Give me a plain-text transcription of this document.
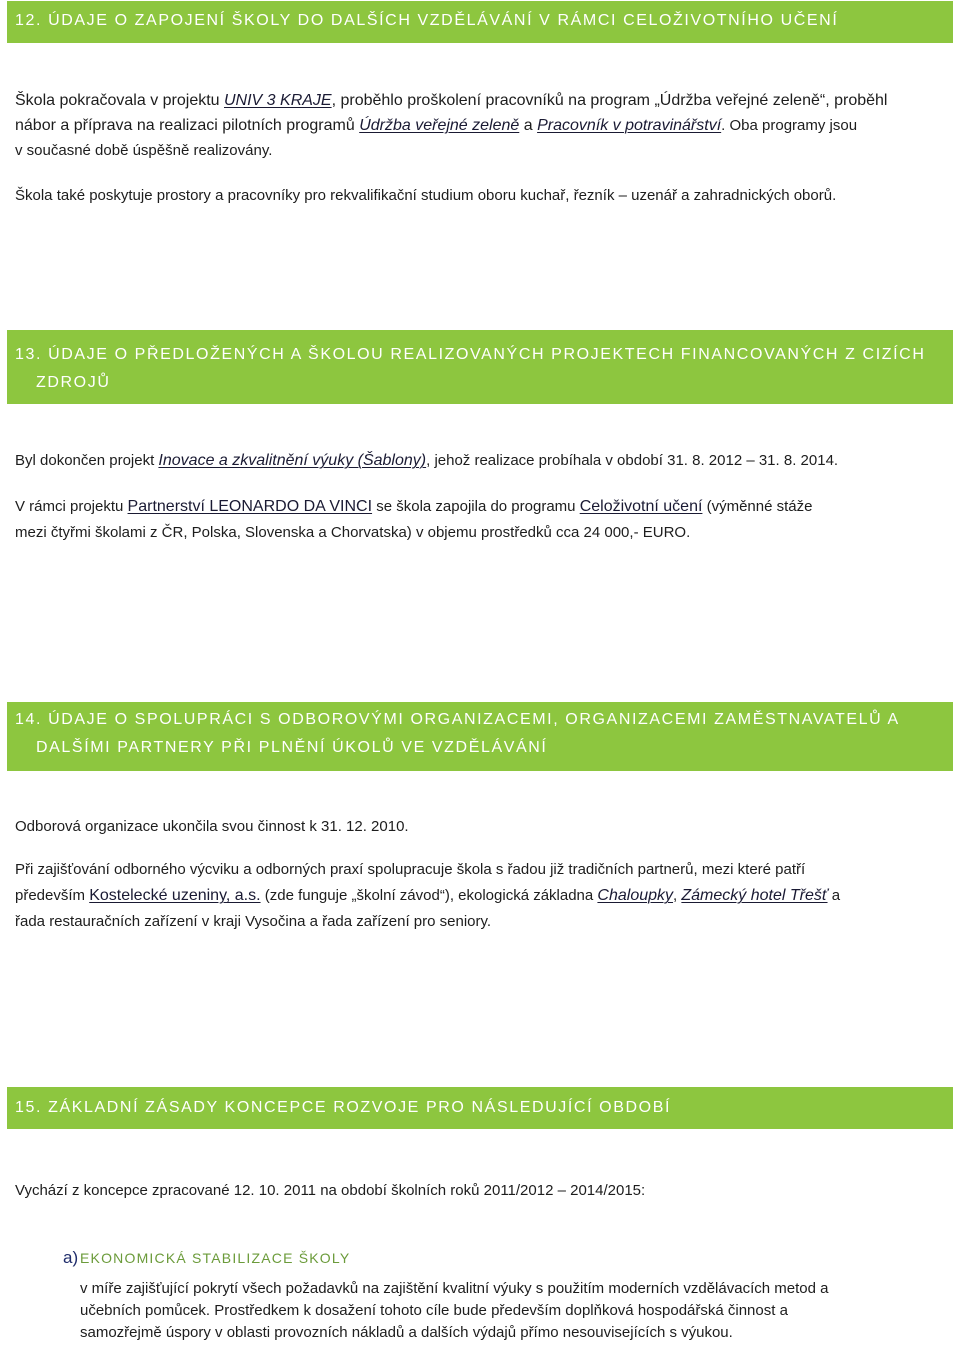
12. ÚDAJE O ZAPOJENÍ ŠKOLY DO DALŠÍCH VZDĚLÁVÁNÍ V RÁMCI CELOŽIVOTNÍHO UČENÍ
Škola pokračovala v projektu UNIV 3 KRAJE, proběhlo proškolení pracovníků na program „Údržba veřejné zeleně“, proběhl
nábor a příprava na realizaci pilotních programů Údržba veřejné zeleně a Pracovník v potravinářství. Oba programy jsou
v současné době úspěšně realizovány.
Škola také poskytuje prostory a pracovníky pro rekvalifikační studium oboru kuchař, řezník – uzenář a zahradnických oborů.
13. ÚDAJE O PŘEDLOŽENÝCH A ŠKOLOU REALIZOVANÝCH PROJEKTECH FINANCOVANÝCH Z CIZÍCH
ZDROJŮ
Byl dokončen projekt Inovace a zkvalitnění výuky (Šablony), jehož realizace probíhala v období 31. 8. 2012 – 31. 8. 2014.
V rámci projektu Partnerství LEONARDO DA VINCI se škola zapojila do programu Celoživotní učení (výměnné stáže
mezi čtyřmi školami z ČR, Polska, Slovenska a Chorvatska) v objemu prostředků cca 24 000,- EURO.
14. ÚDAJE O SPOLUPRÁCI S ODBOROVÝMI ORGANIZACEMI, ORGANIZACEMI ZAMĚSTNAVATELŮ A
DALŠÍMI PARTNERY PŘI PLNĚNÍ ÚKOLŮ VE VZDĚLÁVÁNÍ
Odborová organizace ukončila svou činnost k 31. 12. 2010.
Při zajišťování odborného výcviku a odborných praxí spolupracuje škola s řadou již tradičních partnerů, mezi které patří
především Kostelecké uzeniny, a.s. (zde funguje „školní závod“), ekologická základna Chaloupky, Zámecký hotel Třešť a
řada restauračních zařízení v kraji Vysočina a řada zařízení pro seniory.
15. ZÁKLADNÍ ZÁSADY KONCEPCE ROZVOJE PRO NÁSLEDUJÍCÍ OBDOBÍ
Vychází z koncepce zpracované 12. 10. 2011 na období školních roků 2011/2012 – 2014/2015:
a) EKONOMICKÁ STABILIZACE ŠKOLY
v míře zajišťující pokrytí všech požadavků na zajištění kvalitní výuky s použitím moderních vzdělávacích metod a
učebních pomůcek. Prostředkem k dosažení tohoto cíle bude především doplňková hospodářská činnost a
samozřejmě úspory v oblasti provozních nákladů a dalších výdajů přímo nesouvisejících s výukou.
